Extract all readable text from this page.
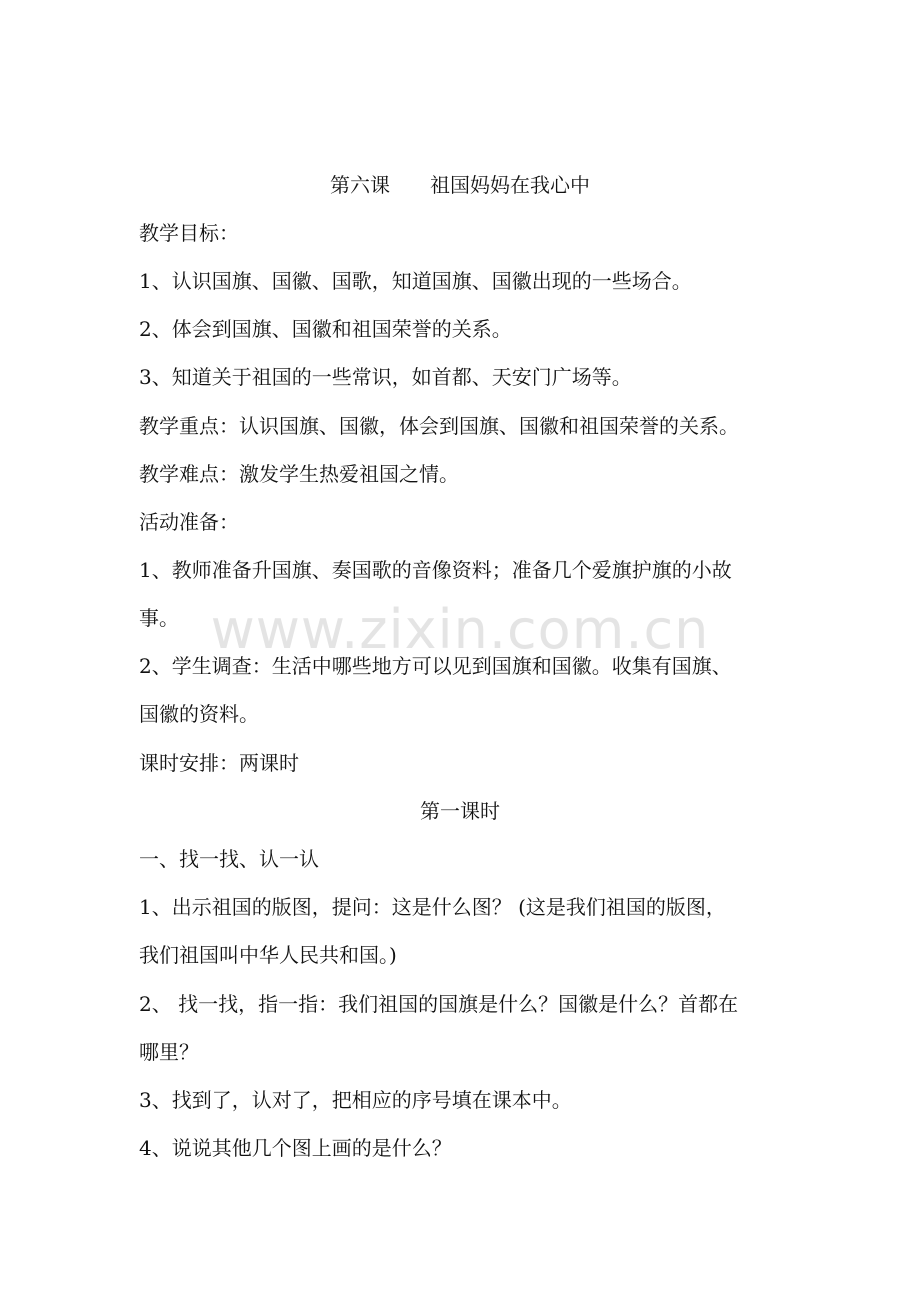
第六课 祖国妈妈在我心中
教学目标：
1、认识国旗、国徽、国歌，知道国旗、国徽出现的一些场合。
2、体会到国旗、国徽和祖国荣誉的关系。
3、知道关于祖国的一些常识，如首都、天安门广场等。
教学重点：认识国旗、国徽，体会到国旗、国徽和祖国荣誉的关系。
教学难点：激发学生热爱祖国之情。
活动准备：
1、教师准备升国旗、奏国歌的音像资料；准备几个爱旗护旗的小故
事。
2、学生调查：生活中哪些地方可以见到国旗和国徽。收集有国旗、
国徽的资料。
课时安排：两课时
第一课时
一、找一找、认一认
1、出示祖国的版图，提问：这是什么图？ (这是我们祖国的版图，
我们祖国叫中华人民共和国。)
2、 找一找，指一指：我们祖国的国旗是什么？国徽是什么？首都在
哪里？
3、找到了，认对了，把相应的序号填在课本中。
4、说说其他几个图上画的是什么？
www.zixin.com.cn
